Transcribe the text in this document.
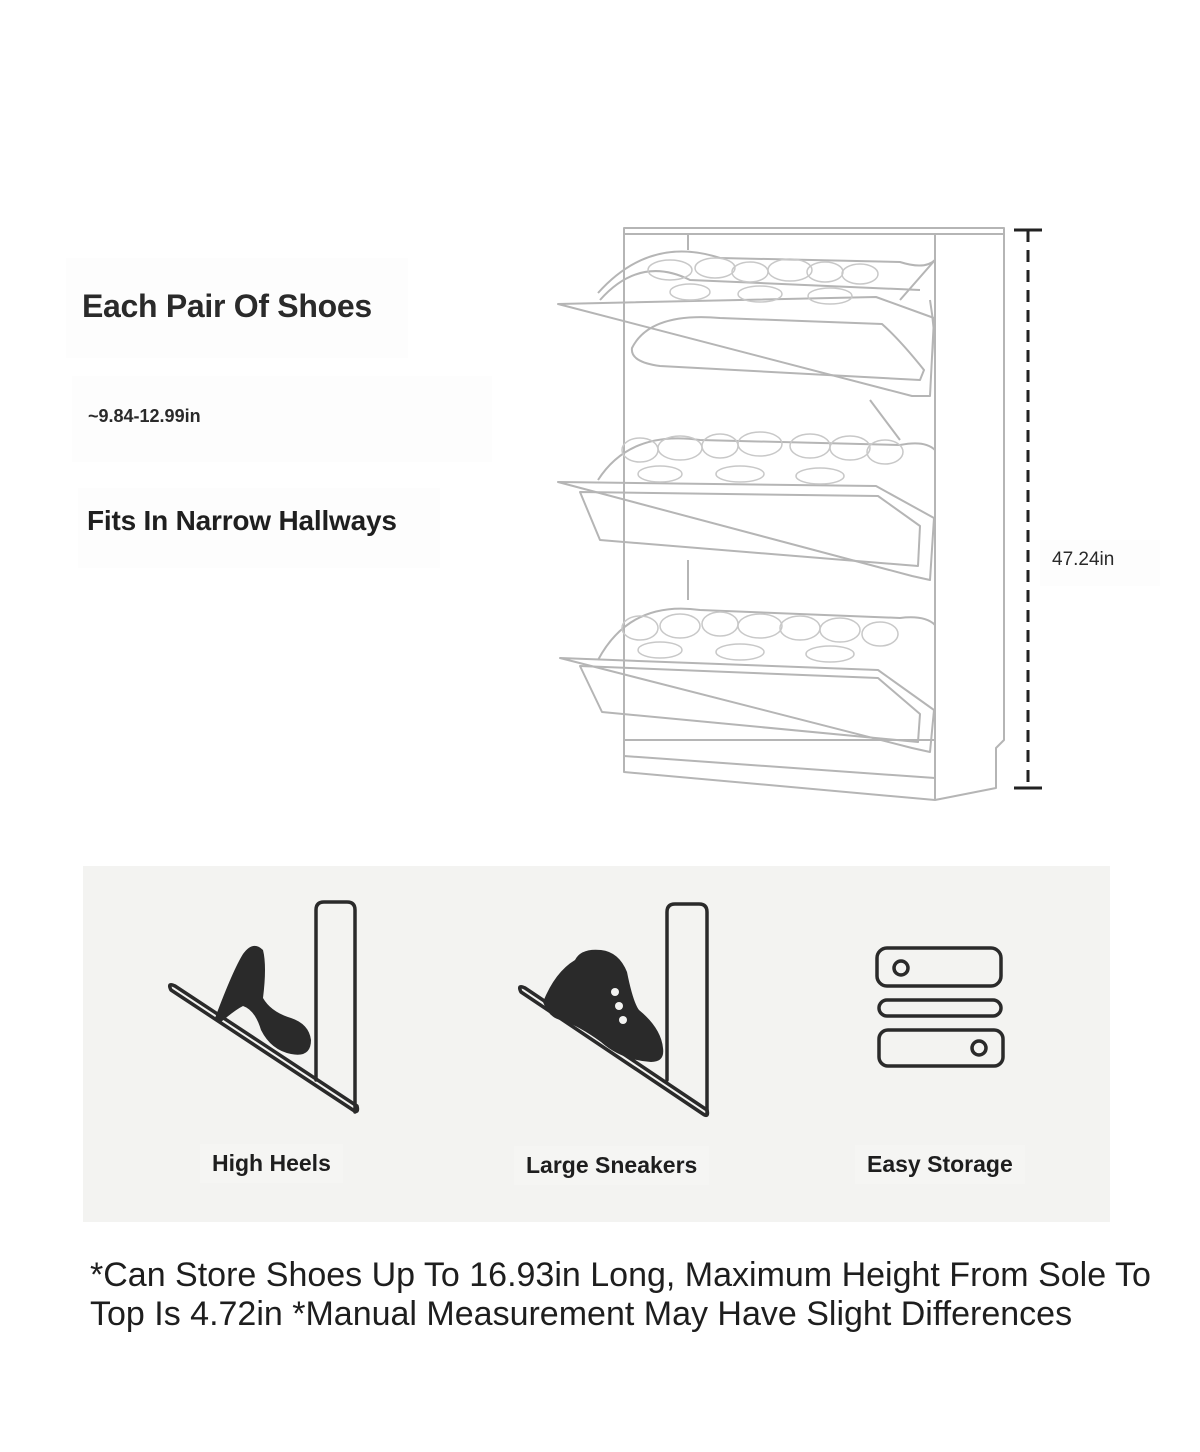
Each Pair Of Shoes
~9.84-12.99in
Fits In Narrow Hallways
47.24in
High Heels	Large Sneakers	Easy Storage
*Can Store Shoes Up To 16.93in Long, Maximum Height From Sole To Top Is 4.72in *Manual Measurement May Have Slight Differences
